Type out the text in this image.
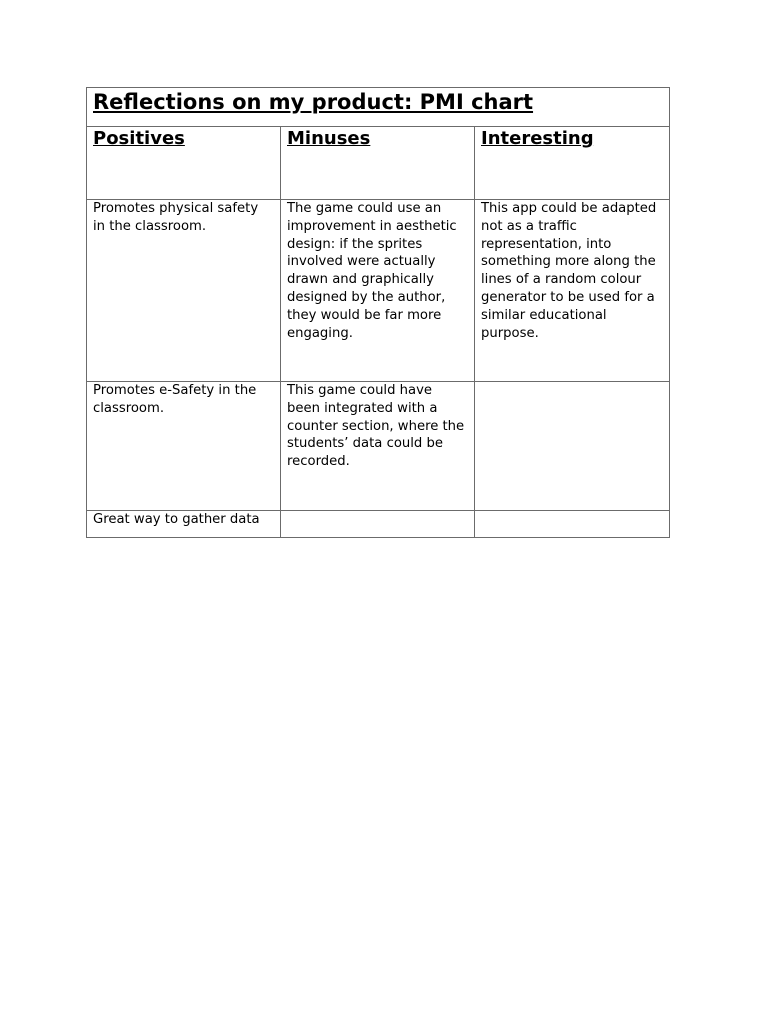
Reflections on my product: PMI chart		

Positives	Minuses	Interesting

Promotes physical safety in the classroom.	The game could use an improvement in aesthetic design: if the sprites involved were actually drawn and graphically designed by the author, they would be far more engaging.	This app could be adapted not as a traffic representation, into something more along the lines of a random colour generator to be used for a similar educational purpose.

Promotes e-Safety in the classroom.	This game could have been integrated with a counter section, where the students’ data could be recorded.	

Great way to gather data		
